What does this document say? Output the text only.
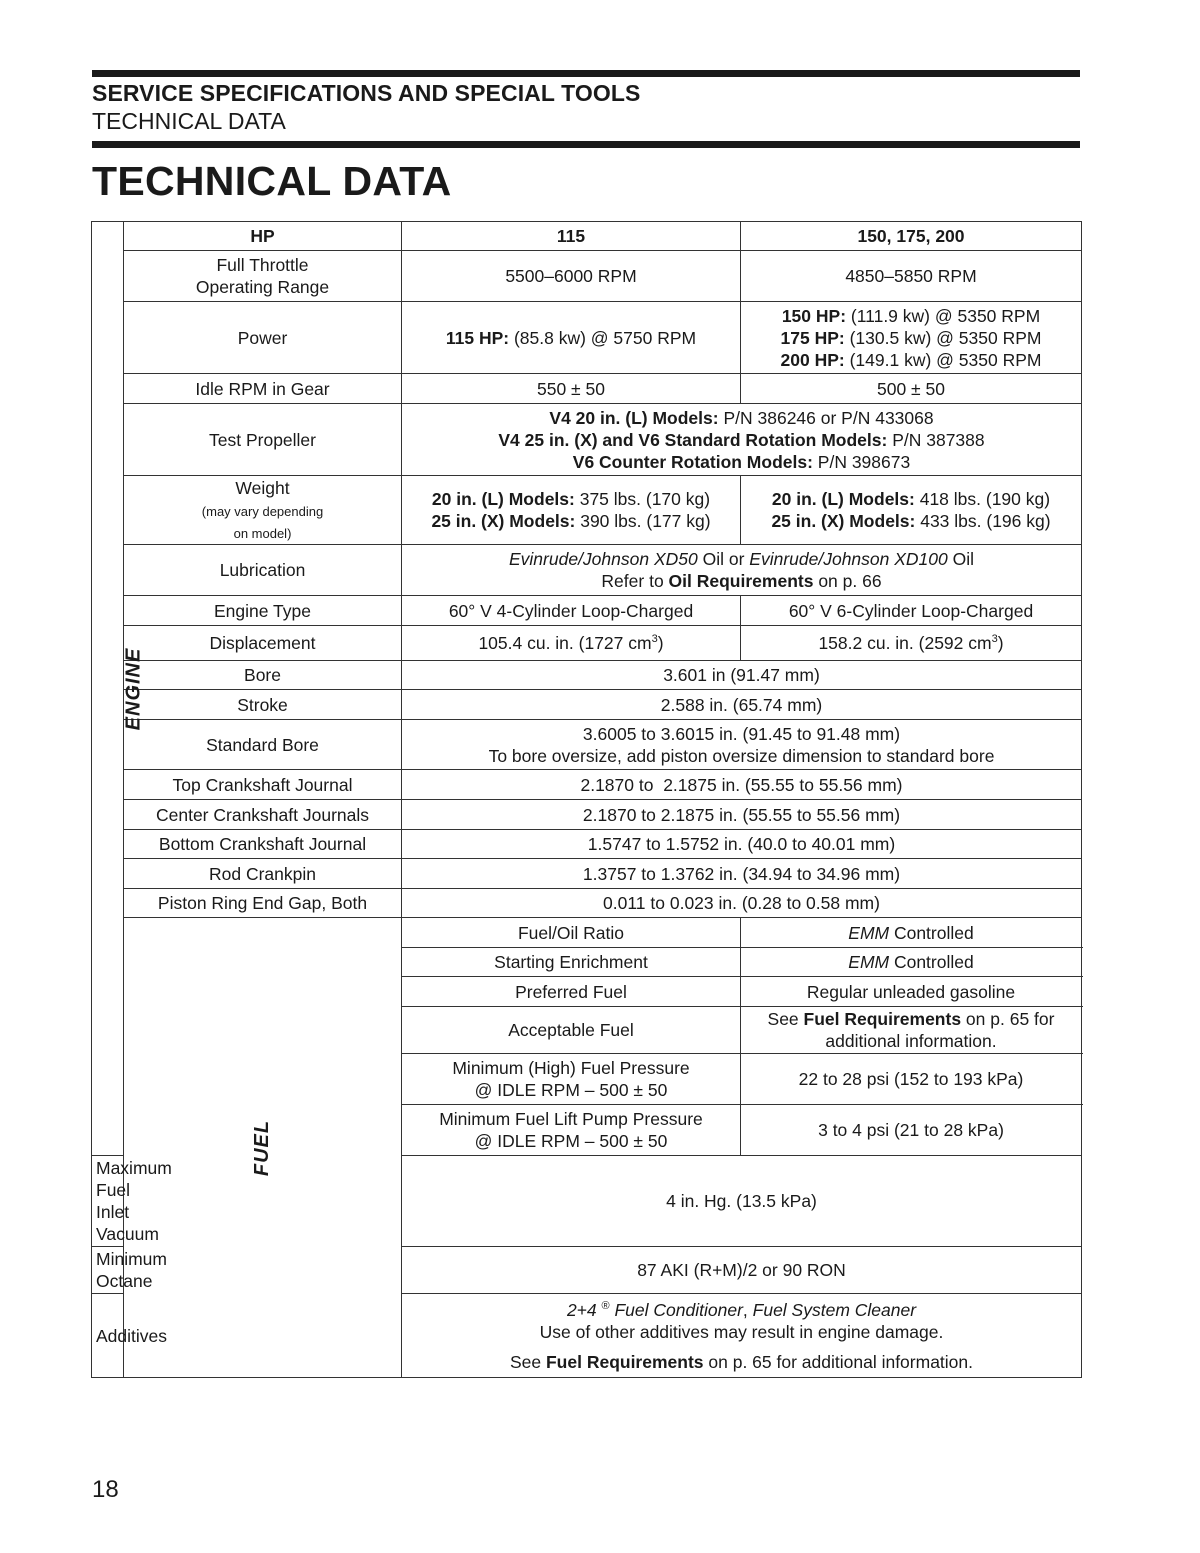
SERVICE SPECIFICATIONS AND SPECIAL TOOLS
TECHNICAL DATA
TECHNICAL DATA
ENGINE	HP	115	150, 175, 200
	Full Throttle
Operating Range	5500–6000 RPM	4850–5850 RPM
	Power	115 HP: (85.8 kw) @ 5750 RPM	150 HP: (111.9 kw) @ 5350 RPM
175 HP: (130.5 kw) @ 5350 RPM
200 HP: (149.1 kw) @ 5350 RPM
	Idle RPM in Gear	550 ± 50	500 ± 50
	Test Propeller	V4 20 in. (L) Models: P/N 386246 or P/N 433068
V4 25 in. (X) and V6 Standard Rotation Models: P/N 387388
V6 Counter Rotation Models: P/N 398673	
	Weight
(may vary depending
on model)	20 in. (L) Models: 375 lbs. (170 kg)
25 in. (X) Models: 390 lbs. (177 kg)	20 in. (L) Models: 418 lbs. (190 kg)
25 in. (X) Models: 433 lbs. (196 kg)
	Lubrication	Evinrude/Johnson XD50 Oil or Evinrude/Johnson XD100 Oil
Refer to Oil Requirements on p. 66	
	Engine Type	60° V 4-Cylinder Loop-Charged	60° V 6-Cylinder Loop-Charged
	Displacement	105.4 cu. in. (1727 $cm^3$)	158.2 cu. in. (2592 $cm^3$)
	Bore	3.601 in (91.47 mm)	
	Stroke	2.588 in. (65.74 mm)	
	Standard Bore	3.6005 to 3.6015 in. (91.45 to 91.48 mm)
To bore oversize, add piston oversize dimension to standard bore	
	Top Crankshaft Journal	2.1870 to  2.1875 in. (55.55 to 55.56 mm)	
	Center Crankshaft Journals	2.1870 to 2.1875 in. (55.55 to 55.56 mm)	
	Bottom Crankshaft Journal	1.5747 to 1.5752 in. (40.0 to 40.01 mm)	
	Rod Crankpin	1.3757 to 1.3762 in. (34.94 to 34.96 mm)	
	Piston Ring End Gap, Both	0.011 to 0.023 in. (0.28 to 0.58 mm)	
	FUEL	Fuel/Oil Ratio	EMM Controlled
		Starting Enrichment	EMM Controlled
		Preferred Fuel	Regular unleaded gasoline
		Acceptable Fuel	See Fuel Requirements on p. 65 for additional information.
		Minimum (High) Fuel Pressure
@ IDLE RPM – 500 ± 50	22 to 28 psi (152 to 193 kPa)
		Minimum Fuel Lift Pump Pressure
@ IDLE RPM – 500 ± 50	3 to 4 psi (21 to 28 kPa)
Maximum Fuel Inlet Vacuum		4 in. Hg. (13.5 kPa)	
Minimum Octane		87 AKI (R+M)/2 or 90 RON	
Additives		2+4 ® Fuel Conditioner, Fuel System Cleaner
Use of other additives may result in engine damage.
See Fuel Requirements on p. 65 for additional information.	
18
